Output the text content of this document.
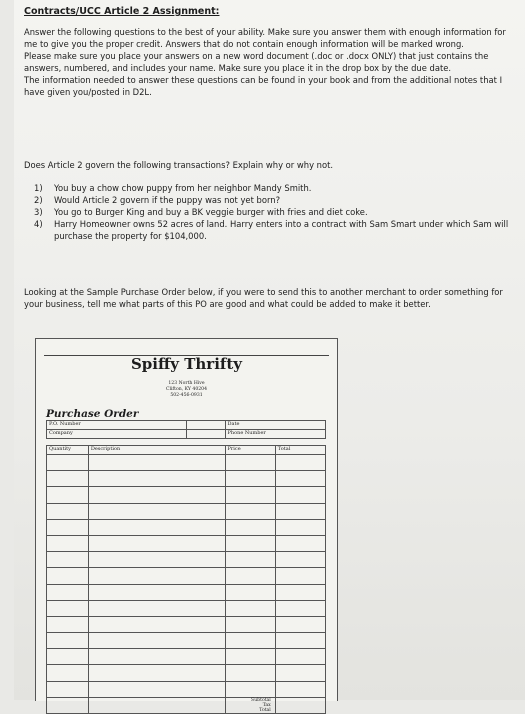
Contracts/UCC Article 2 Assignment:
Answer the following questions to the best of your ability. Make sure you answer them with enough information for me to give you the proper credit. Answers that do not contain enough information will be marked wrong.
Please make sure you place your answers on a new word document (.doc or .docx ONLY) that just contains the answers, numbered, and includes your name. Make sure you place it in the drop box by the due date.
The information needed to answer these questions can be found in your book and from the additional notes that I have given you/posted in D2L.
Does Article 2 govern the following transactions? Explain why or why not.
1) You buy a chow chow puppy from her neighbor Mandy Smith.
2) Would Article 2 govern if the puppy was not yet born?
3) You go to Burger King and buy a BK veggie burger with fries and diet coke.
4) Harry Homeowner owns 52 acres of land. Harry enters into a contract with Sam Smart under which Sam will purchase the property for $104,000.
Looking at the Sample Purchase Order below, if you were to send this to another merchant to order something for your business, tell me what parts of this PO are good and what could be added to make it better.
Spiffy Thrifty
123 North Hive
Clifton, KY 40204
502-456-0931
Purchase Order
P.O. Number		Date
Company		Phone Number
Quantity	Description	Price	Total

		Subtotal
Tax
Total	
